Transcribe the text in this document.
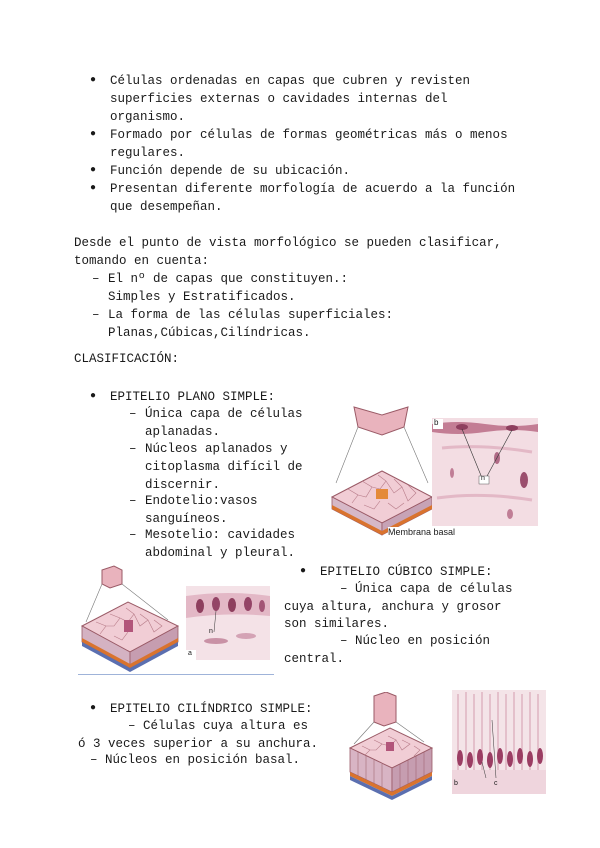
● Células ordenadas en capas que cubren y revisten
superficies externas o cavidades internas del
organismo.
● Formado por células de formas geométricas más o menos
regulares.
● Función depende de su ubicación.
● Presentan diferente morfología de acuerdo a la función
que desempeñan.
Desde el punto de vista morfológico se pueden clasificar,
tomando en cuenta:
– El nº de capas que constituyen.:
Simples y Estratificados.
– La forma de las células superficiales:
Planas,Cúbicas,Cilíndricas.
CLASIFICACIÓN:
● EPITELIO PLANO SIMPLE:
– Única capa de células
aplanadas.
– Núcleos aplanados y
citoplasma difícil de
discernir.
– Endotelio:vasos
sanguíneos.
– Mesotelio: cavidades
abdominal y pleural.
Membrana basal
b
n
a
n
● EPITELIO CÚBICO SIMPLE:
– Única capa de células
cuya altura, anchura y grosor
son similares.
– Núcleo en posición
central.
● EPITELIO CILÍNDRICO SIMPLE:
– Células cuya altura es
ó 3 veces superior a su anchura.
– Núcleos en posición basal.
b	c
